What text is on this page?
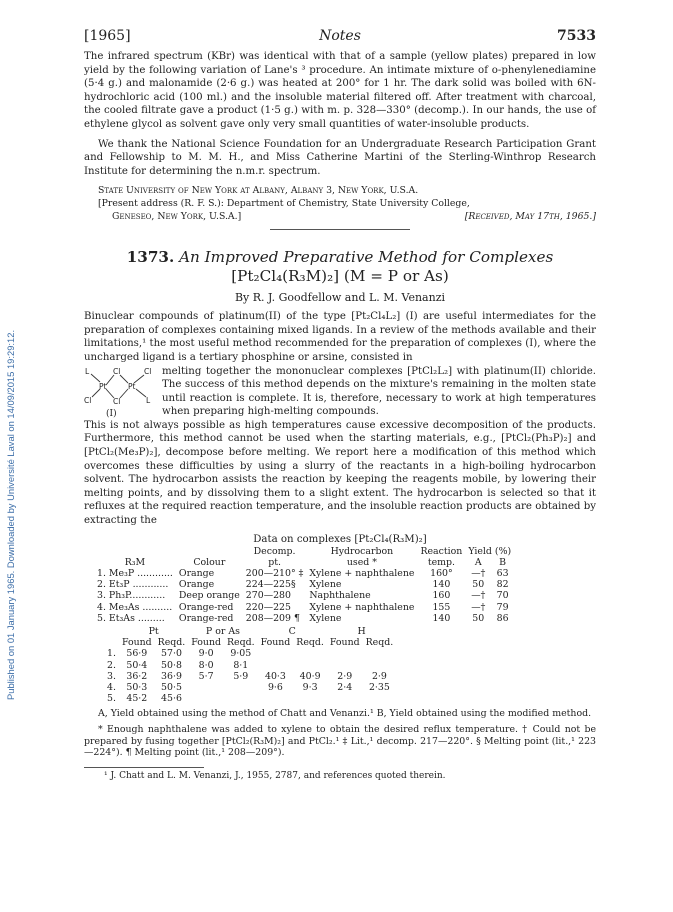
Published on 01 January 1965. Downloaded by Université Laval on 14/09/2015 19:29:12.
[1965]	Notes	7533

The infrared spectrum (KBr) was identical with that of a sample (yellow plates) prepared in low yield by the following variation of Lane's ³ procedure. An intimate mixture of o-phenylenediamine (5·4 g.) and malonamide (2·6 g.) was heated at 200° for 1 hr. The dark solid was boiled with 6N-hydrochloric acid (100 ml.) and the insoluble material filtered off. After treatment with charcoal, the cooled filtrate gave a product (1·5 g.) with m. p. 328—330° (decomp.). In our hands, the use of ethylene glycol as solvent gave only very small quantities of water-insoluble products.

We thank the National Science Foundation for an Undergraduate Research Participation Grant and Fellowship to M. M. H., and Miss Catherine Martini of the Sterling-Winthrop Research Institute for determining the n.m.r. spectrum.

State University of New York at Albany, Albany 3, New York, U.S.A.
[Present address (R. F. S.): Department of Chemistry, State University College,
Geneseo, New York, U.S.A.]	[Received, May 17th, 1965.]
1373. An Improved Preparative Method for Complexes
[Pt₂Cl₄(R₃M)₂] (M = P or As)
By R. J. Goodfellow and L. M. Venanzi

Binuclear compounds of platinum(II) of the type [Pt₂Cl₄L₂] (I) are useful intermediates for the preparation of complexes containing mixed ligands. In a review of the methods available and their limitations,¹ the most useful method recommended for the preparation of complexes (I), where the uncharged ligand is a tertiary phosphine or arsine, consisted in

L
Pt
Cl
Pt
Cl
Cl	Cl	L
(I)

melting together the mononuclear complexes [PtCl₂L₂] with platinum(II) chloride. The success of this method depends on the mixture's remaining in the molten state until reaction is complete. It is, therefore, necessary to work at high temperatures when preparing high-melting compounds.

This is not always possible as high temperatures cause excessive decomposition of the products. Furthermore, this method cannot be used when the starting materials, e.g., [PtCl₂(Ph₃P)₂] and [PtCl₂(Me₃P)₂], decompose before melting. We report here a modification of this method which overcomes these difficulties by using a slurry of the reactants in a high-boiling hydrocarbon solvent. The hydrocarbon assists the reaction by keeping the reagents mobile, by lowering their melting points, and by dissolving them to a slight extent. The hydrocarbon is selected so that it refluxes at the required reaction temperature, and the insoluble reaction products are obtained by extracting the

Data on complexes [Pt₂Cl₄(R₃M)₂]
		Decomp.	Hydrocarbon	Reaction	Yield (%)	
R₃M	Colour	pt.	used *	temp.	A	B
1. Me₃P ............	Orange	200—210° ‡	Xylene + naphthalene	160°	—†	63
2. Et₃P ............	Orange	224—225§	Xylene	140	50	82
3. Ph₃P............	Deep orange	270—280	Naphthalene	160	—†	70
4. Me₃As ..........	Orange-red	220—225	Xylene + naphthalene	155	—†	79
5. Et₃As .........	Orange-red	208—209 ¶	Xylene	140	50	86
	Pt		P or As		C		H	
	Found	Reqd.	Found	Reqd.	Found	Reqd.	Found	Reqd.
1.	56·9	57·0	9·0	9·05				
2.	50·4	50·8	8·0	8·1				
3.	36·2	36·9	5·7	5·9	40·3	40·9	2·9	2·9
4.	50·3	50·5			9·6	9·3	2·4	2·35
5.	45·2	45·6						

A, Yield obtained using the method of Chatt and Venanzi.¹ B, Yield obtained using the modified method.

* Enough naphthalene was added to xylene to obtain the desired reflux temperature. † Could not be prepared by fusing together [PtCl₂(R₃M)₂] and PtCl₂.¹ ‡ Lit.,¹ decomp. 217—220°. § Melting point (lit.,¹ 223—224°). ¶ Melting point (lit.,¹ 208—209°).

¹ J. Chatt and L. M. Venanzi, J., 1955, 2787, and references quoted therein.
